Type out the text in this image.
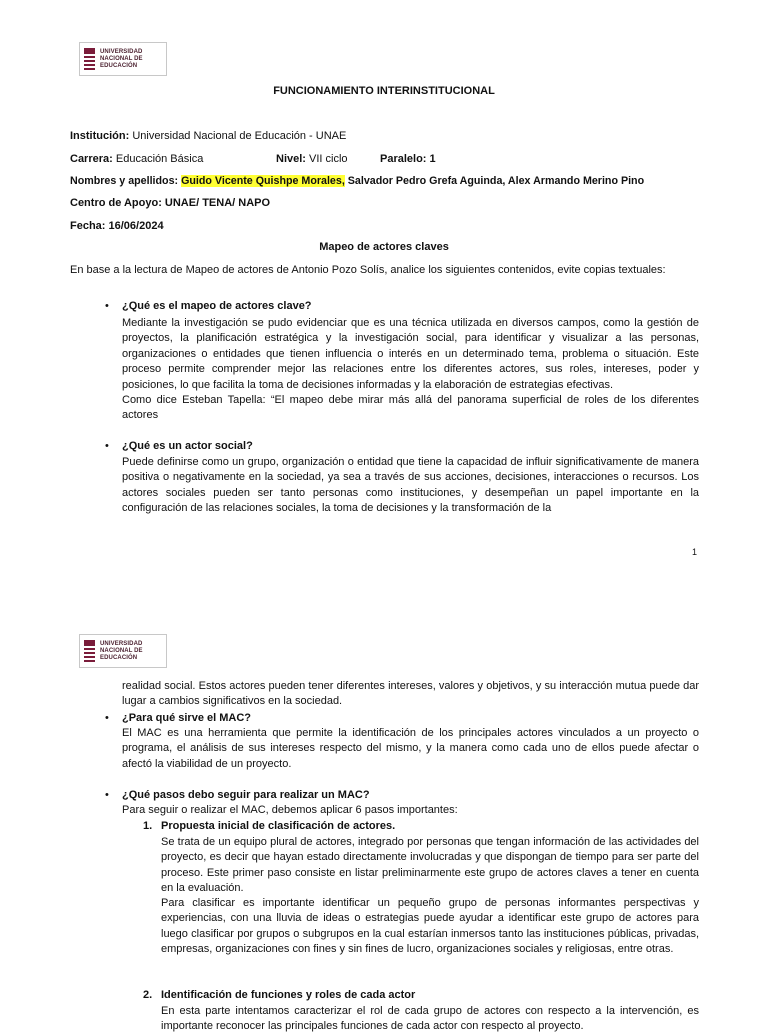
UNIVERSIDAD
NACIONAL DE
EDUCACIÓN
FUNCIONAMIENTO INTERINSTITUCIONAL
Institución: Universidad Nacional de Educación - UNAE
Carrera: Educación Básica	Nivel: VII ciclo	Paralelo: 1
Nombres y apellidos: Guido Vicente Quishpe Morales, Salvador Pedro Grefa Aguinda, Alex Armando Merino Pino
Centro de Apoyo: UNAE/ TENA/ NAPO
Fecha: 16/06/2024
Mapeo de actores claves
En base a la lectura de Mapeo de actores de Antonio Pozo Solís, analice los siguientes contenidos, evite copias textuales:
• ¿Qué es el mapeo de actores clave?
Mediante la investigación se pudo evidenciar que es una técnica utilizada en diversos campos, como la gestión de proyectos, la planificación estratégica y la investigación social, para identificar y visualizar a las personas, organizaciones o entidades que tienen influencia o interés en un determinado tema, problema o situación. Este proceso permite comprender mejor las relaciones entre los diferentes actores, sus roles, intereses, poder y posiciones, lo que facilita la toma de decisiones informadas y la elaboración de estrategias efectivas.
Como dice Esteban Tapella: “El mapeo debe mirar más allá del panorama superficial de roles de los diferentes actores
• ¿Qué es un actor social?
Puede definirse como un grupo, organización o entidad que tiene la capacidad de influir significativamente de manera positiva o negativamente en la sociedad, ya sea a través de sus acciones, decisiones, interacciones o recursos. Los actores sociales pueden ser tanto personas como instituciones, y desempeñan un papel importante en la configuración de las relaciones sociales, la toma de decisiones y la transformación de la
1
UNIVERSIDAD
NACIONAL DE
EDUCACIÓN
realidad social. Estos actores pueden tener diferentes intereses, valores y objetivos, y su interacción mutua puede dar lugar a cambios significativos en la sociedad.
• ¿Para qué sirve el MAC?
El MAC es una herramienta que permite la identificación de los principales actores vinculados a un proyecto o programa, el análisis de sus intereses respecto del mismo, y la manera como cada uno de ellos puede afectar o afectó la viabilidad de un proyecto.
• ¿Qué pasos debo seguir para realizar un MAC?
Para seguir o realizar el MAC, debemos aplicar 6 pasos importantes:
1. Propuesta inicial de clasificación de actores.
Se trata de un equipo plural de actores, integrado por personas que tengan información de las actividades del proyecto, es decir que hayan estado directamente involucradas y que dispongan de tiempo para ser parte del proceso. Este primer paso consiste en listar preliminarmente este grupo de actores claves a tener en cuenta en la evaluación.
Para clasificar es importante identificar un pequeño grupo de personas informantes perspectivas y experiencias, con una lluvia de ideas o estrategias puede ayudar a identificar este grupo de actores para luego clasificar por grupos o subgrupos en la cual estarían inmersos tanto las instituciones públicas, privadas, empresas, organizaciones con fines y sin fines de lucro, organizaciones sociales y religiosas, entre otras.
2. Identificación de funciones y roles de cada actor
En esta parte intentamos caracterizar el rol de cada grupo de actores con respecto a la intervención, es importante reconocer las principales funciones de cada actor con respecto al proyecto.
